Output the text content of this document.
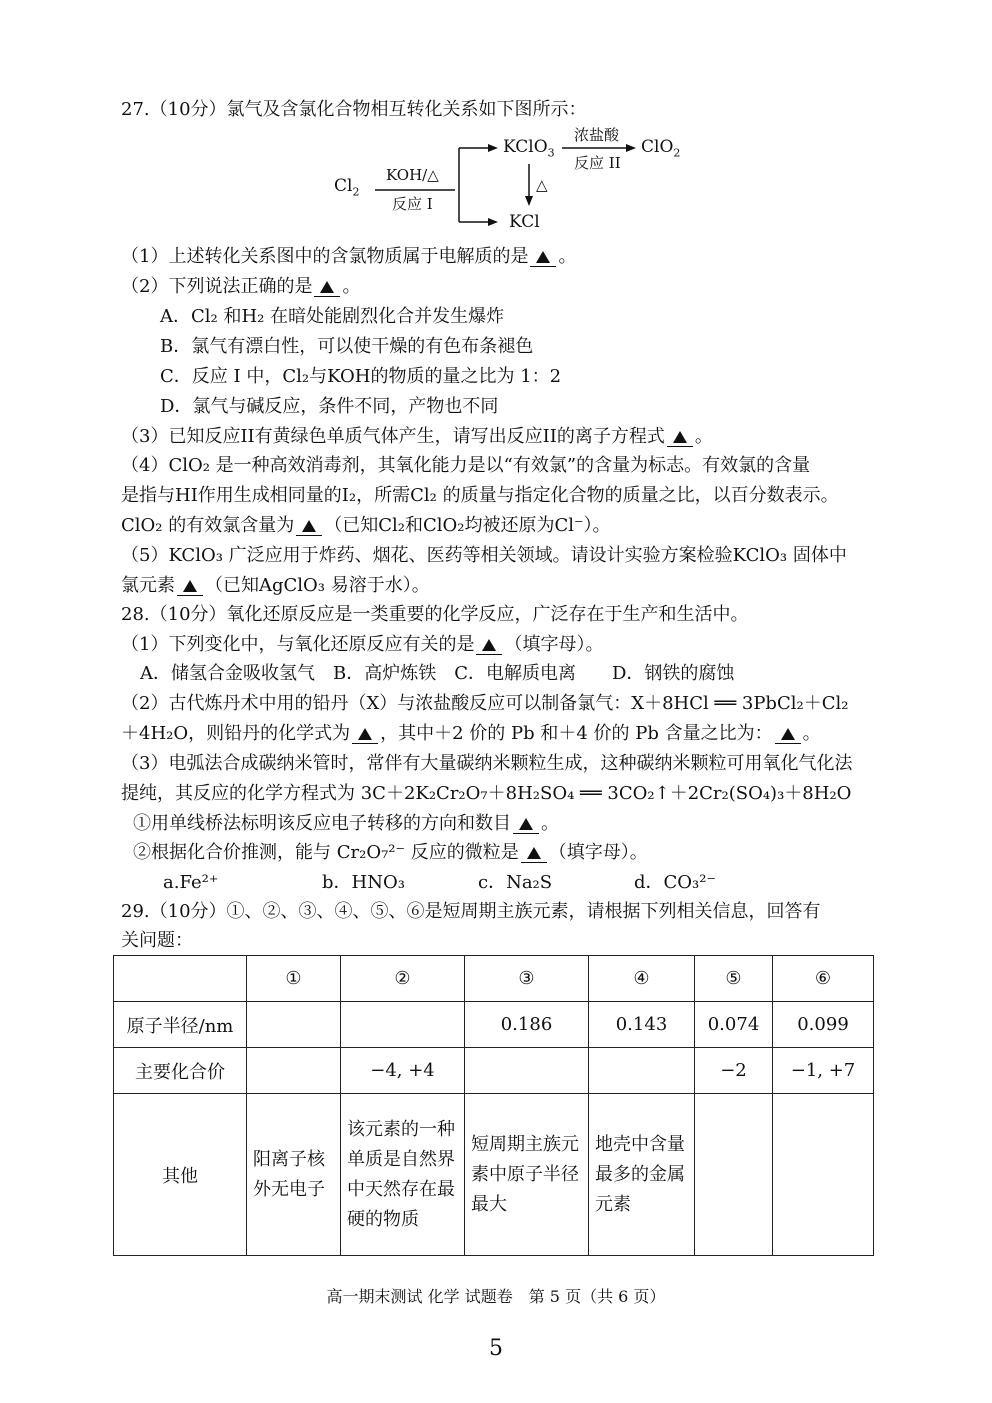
27.（10分）氯气及含氯化合物相互转化关系如下图所示：
$Cl_2$
KOH/△
反应 I
KClO$_3$
浓盐酸
反应 II
ClO$_2$
△
KCl
（1）上述转化关系图中的含氯物质属于电解质的是 。
（2）下列说法正确的是 。
A．Cl₂ 和H₂ 在暗处能剧烈化合并发生爆炸
B．氯气有漂白性，可以使干燥的有色布条褪色
C．反应 I 中，Cl₂与KOH的物质的量之比为 1：2
D．氯气与碱反应，条件不同，产物也不同
（3）已知反应II有黄绿色单质气体产生，请写出反应II的离子方程式 。
（4）ClO₂ 是一种高效消毒剂，其氧化能力是以“有效氯”的含量为标志。有效氯的含量
是指与HI作用生成相同量的I₂，所需Cl₂ 的质量与指定化合物的质量之比，以百分数表示。
ClO₂ 的有效氯含量为 （已知Cl₂和ClO₂均被还原为Cl⁻）。
（5）KClO₃ 广泛应用于炸药、烟花、医药等相关领域。请设计实验方案检验KClO₃ 固体中
氯元素 （已知AgClO₃ 易溶于水）。
28.（10分）氧化还原反应是一类重要的化学反应，广泛存在于生产和生活中。
（1）下列变化中，与氧化还原反应有关的是 （填字母）。
A．储氢合金吸收氢气　B．高炉炼铁　C．电解质电离　　D．钢铁的腐蚀
（2）古代炼丹术中用的铅丹（X）与浓盐酸反应可以制备氯气：X＋8HCl ══ 3PbCl₂＋Cl₂
＋4H₂O，则铅丹的化学式为 ，其中＋2 价的 Pb 和＋4 价的 Pb 含量之比为： 。
（3）电弧法合成碳纳米管时，常伴有大量碳纳米颗粒生成，这种碳纳米颗粒可用氧化气化法
提纯，其反应的化学方程式为 3C＋2K₂Cr₂O₇＋8H₂SO₄ ══ 3CO₂↑＋2Cr₂(SO₄)₃＋8H₂O
①用单线桥法标明该反应电子转移的方向和数目 。
②根据化合价推测，能与 Cr₂O₇²⁻ 反应的微粒是 （填字母）。
a.Fe²⁺	b．HNO₃	c．Na₂S	d．CO₃²⁻
29.（10分）①、②、③、④、⑤、⑥是短周期主族元素，请根据下列相关信息，回答有
关问题：
	①	②	③	④	⑤	⑥
原子半径/nm			0.186	0.143	0.074	0.099
主要化合价		−4, +4			−2	−1, +7
其他	阳离子核外无电子	该元素的一种单质是自然界中天然存在最硬的物质	短周期主族元素中原子半径最大	地壳中含量最多的金属元素		
高一期末测试 化学 试题卷　第 5 页（共 6 页）
5
